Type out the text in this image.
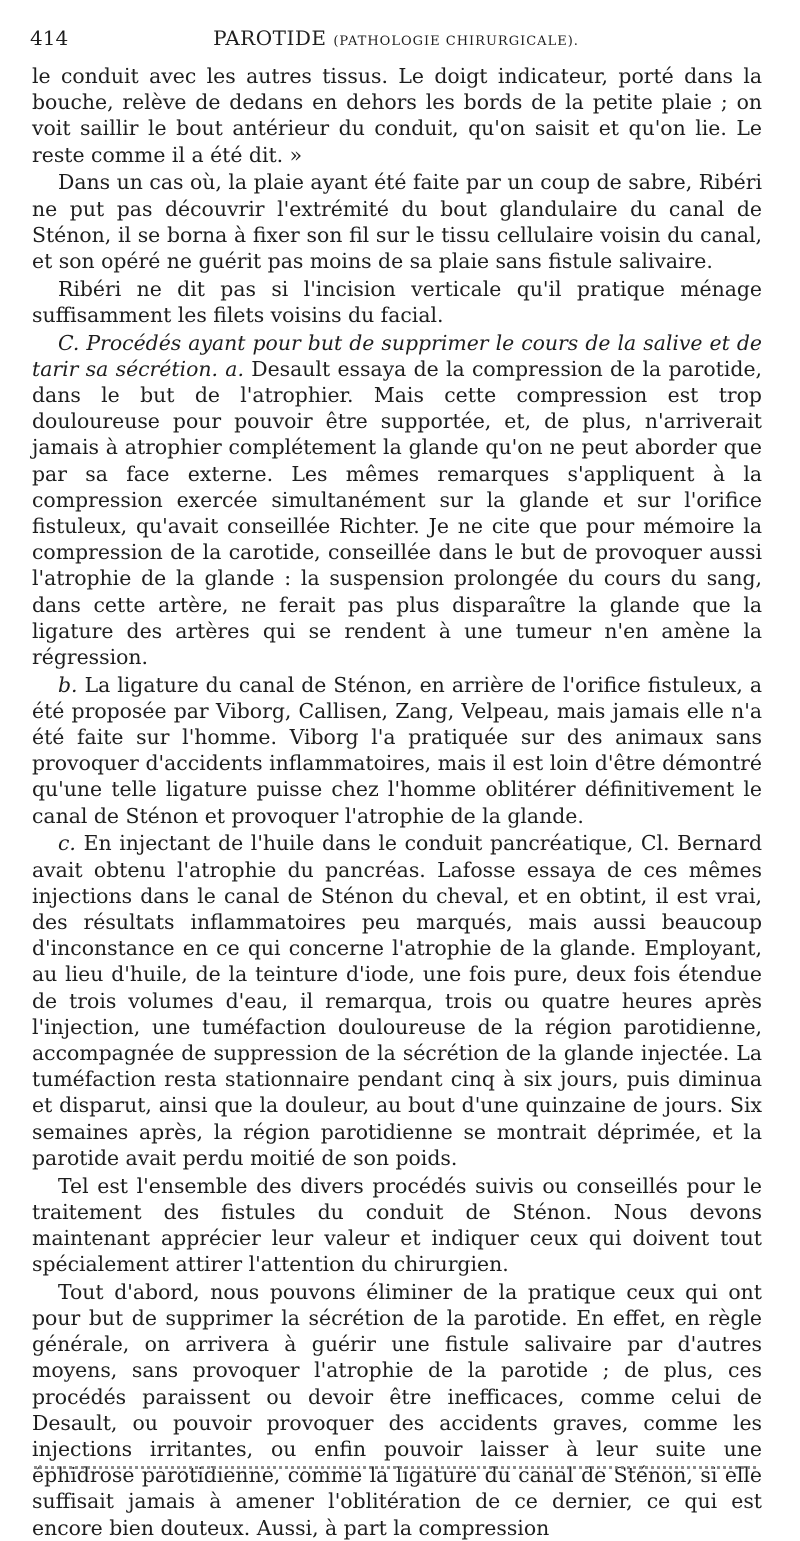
414	PAROTIDE (PATHOLOGIE CHIRURGICALE).

le conduit avec les autres tissus. Le doigt indicateur, porté dans la bouche, relève de dedans en dehors les bords de la petite plaie ; on voit saillir le bout antérieur du conduit, qu'on saisit et qu'on lie. Le reste comme il a été dit. »

Dans un cas où, la plaie ayant été faite par un coup de sabre, Ribéri ne put pas découvrir l'extrémité du bout glandulaire du canal de Sténon, il se borna à fixer son fil sur le tissu cellulaire voisin du canal, et son opéré ne guérit pas moins de sa plaie sans fistule salivaire.

Ribéri ne dit pas si l'incision verticale qu'il pratique ménage suffisamment les filets voisins du facial.

C. Procédés ayant pour but de supprimer le cours de la salive et de tarir sa sécrétion. a. Desault essaya de la compression de la parotide, dans le but de l'atrophier. Mais cette compression est trop douloureuse pour pouvoir être supportée, et, de plus, n'arriverait jamais à atrophier complétement la glande qu'on ne peut aborder que par sa face externe. Les mêmes remarques s'appliquent à la compression exercée simultanément sur la glande et sur l'orifice fistuleux, qu'avait conseillée Richter. Je ne cite que pour mémoire la compression de la carotide, conseillée dans le but de provoquer aussi l'atrophie de la glande : la suspension prolongée du cours du sang, dans cette artère, ne ferait pas plus disparaître la glande que la ligature des artères qui se rendent à une tumeur n'en amène la régression.

b. La ligature du canal de Sténon, en arrière de l'orifice fistuleux, a été proposée par Viborg, Callisen, Zang, Velpeau, mais jamais elle n'a été faite sur l'homme. Viborg l'a pratiquée sur des animaux sans provoquer d'accidents inflammatoires, mais il est loin d'être démontré qu'une telle ligature puisse chez l'homme oblitérer définitivement le canal de Sténon et provoquer l'atrophie de la glande.

c. En injectant de l'huile dans le conduit pancréatique, Cl. Bernard avait obtenu l'atrophie du pancréas. Lafosse essaya de ces mêmes injections dans le canal de Sténon du cheval, et en obtint, il est vrai, des résultats inflammatoires peu marqués, mais aussi beaucoup d'inconstance en ce qui concerne l'atrophie de la glande. Employant, au lieu d'huile, de la teinture d'iode, une fois pure, deux fois étendue de trois volumes d'eau, il remarqua, trois ou quatre heures après l'injection, une tuméfaction douloureuse de la région parotidienne, accompagnée de suppression de la sécrétion de la glande injectée. La tuméfaction resta stationnaire pendant cinq à six jours, puis diminua et disparut, ainsi que la douleur, au bout d'une quinzaine de jours. Six semaines après, la région parotidienne se montrait déprimée, et la parotide avait perdu moitié de son poids.

Tel est l'ensemble des divers procédés suivis ou conseillés pour le traitement des fistules du conduit de Sténon. Nous devons maintenant apprécier leur valeur et indiquer ceux qui doivent tout spécialement attirer l'attention du chirurgien.

Tout d'abord, nous pouvons éliminer de la pratique ceux qui ont pour but de supprimer la sécrétion de la parotide. En effet, en règle générale, on arrivera à guérir une fistule salivaire par d'autres moyens, sans provoquer l'atrophie de la parotide ; de plus, ces procédés paraissent ou devoir être inefficaces, comme celui de Desault, ou pouvoir provoquer des accidents graves, comme les injections irritantes, ou enfin pouvoir laisser à leur suite une éphidrose parotidienne, comme la ligature du canal de Sténon, si elle suffisait jamais à amener l'oblitération de ce dernier, ce qui est encore bien douteux. Aussi, à part la compression
